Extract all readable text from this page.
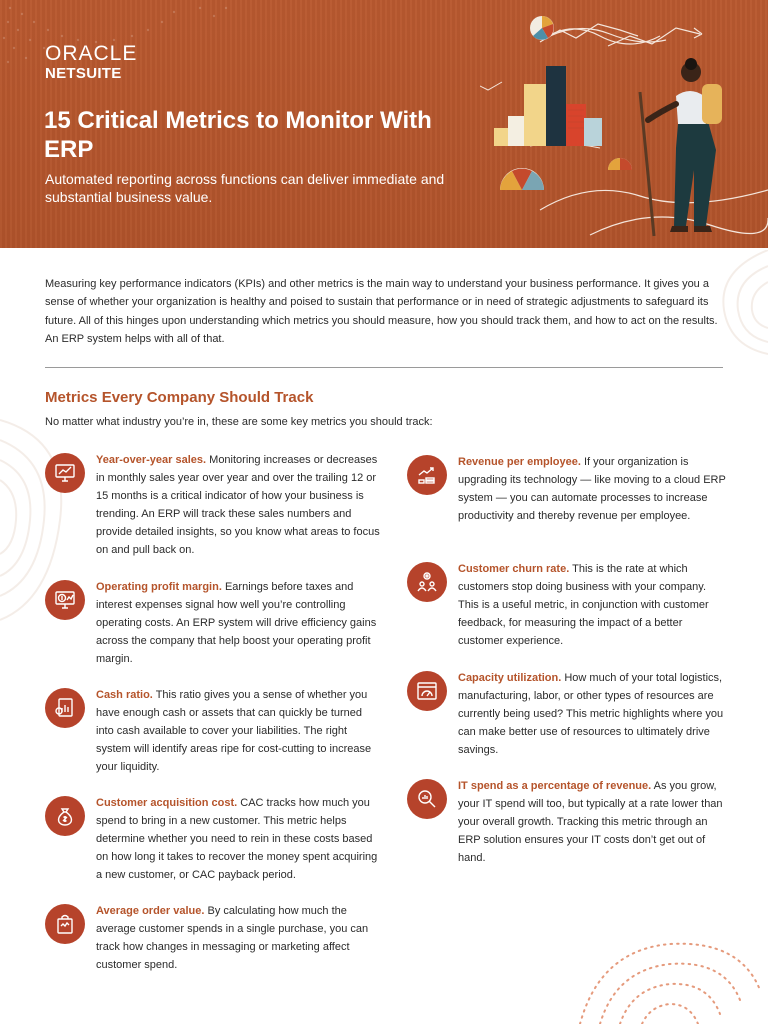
ORACLE
NETSUITE
15 Critical Metrics to Monitor With ERP

Automated reporting across functions can deliver immediate and substantial business value.

Measuring key performance indicators (KPIs) and other metrics is the main way to understand your business performance. It gives you a sense of whether your organization is healthy and poised to sustain that performance or in need of strategic adjustments to safeguard its future. All of this hinges upon understanding which metrics you should measure, how you should track them, and how to act on the results. An ERP system helps with all of that.

Metrics Every Company Should Track

No matter what industry you’re in, these are some key metrics you should track:

Year-over-year sales. Monitoring increases or decreases in monthly sales year over year and over the trailing 12 or 15 months is a critical indicator of how your business is trending. An ERP will track these sales numbers and provide detailed insights, so you know what areas to focus on and pull back on.

Operating profit margin. Earnings before taxes and interest expenses signal how well you’re controlling operating costs. An ERP system will drive efficiency gains across the company that help boost your operating profit margin.

Cash ratio. This ratio gives you a sense of whether you have enough cash or assets that can quickly be turned into cash available to cover your liabilities. The right system will identify areas ripe for cost-cutting to increase your liquidity.

Customer acquisition cost. CAC tracks how much you spend to bring in a new customer. This metric helps determine whether you need to rein in these costs based on how long it takes to recover the money spent acquiring a new customer, or CAC payback period.

Average order value. By calculating how much the average customer spends in a single purchase, you can track how changes in messaging or marketing affect customer spend.

Revenue per employee. If your organization is upgrading its technology — like moving to a cloud ERP system — you can automate processes to increase productivity and thereby revenue per employee.

Customer churn rate. This is the rate at which customers stop doing business with your company. This is a useful metric, in conjunction with customer feedback, for measuring the impact of a better customer experience.

Capacity utilization. How much of your total logistics, manufacturing, labor, or other types of resources are currently being used? This metric highlights where you can make better use of resources to ultimately drive savings.

IT spend as a percentage of revenue. As you grow, your IT spend will too, but typically at a rate lower than your overall growth. Tracking this metric through an ERP solution ensures your IT costs don’t get out of hand.
